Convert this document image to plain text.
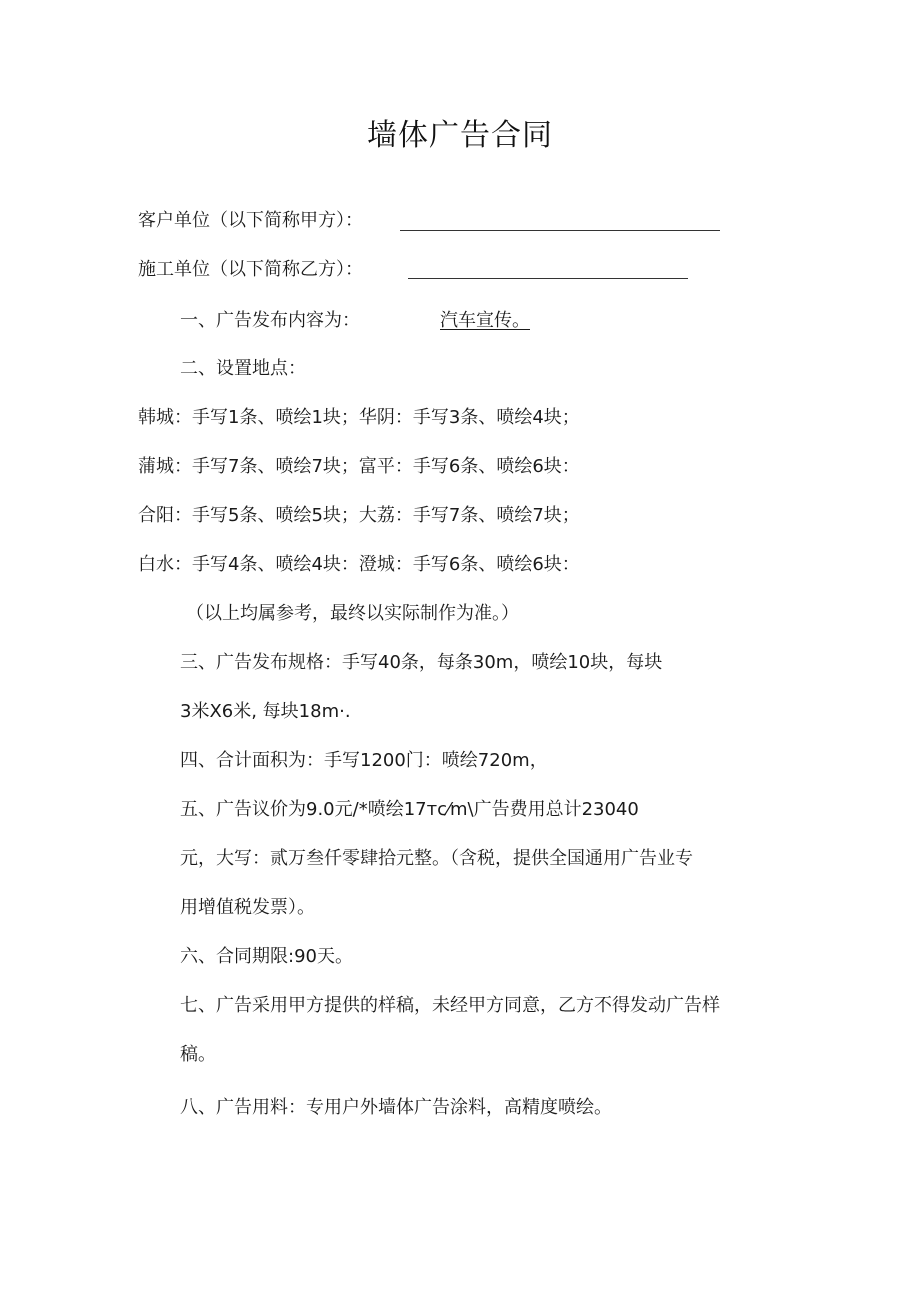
墙体广告合同
客户单位（以下简称甲方）：
施工单位（以下简称乙方）：
一、广告发布内容为：	汽车宣传。
二、设置地点：
韩城：手写1条、喷绘1块；华阴：手写3条、喷绘4块；
蒲城：手写7条、喷绘7块；富平：手写6条、喷绘6块：
合阳：手写5条、喷绘5块；大荔：手写7条、喷绘7块；
白水：手写4条、喷绘4块：澄城：手写6条、喷绘6块：
（以上均属参考，最终以实际制作为准。）
三、广告发布规格：手写40条，每条30m，喷绘10块，每块
3米X6米, 每块18m·.
四、合计面积为：手写1200门：喷绘720m，
五、广告议价为9.0元/*喷绘17тс⁄m\广告费用总计23040
元，大写：贰万叁仟零肆拾元整。（含税，提供全国通用广告业专
用增值税发票）。
六、合同期限:90天。
七、广告采用甲方提供的样稿，未经甲方同意，乙方不得发动广告样
稿。
八、广告用料：专用户外墙体广告涂料，高精度喷绘。
